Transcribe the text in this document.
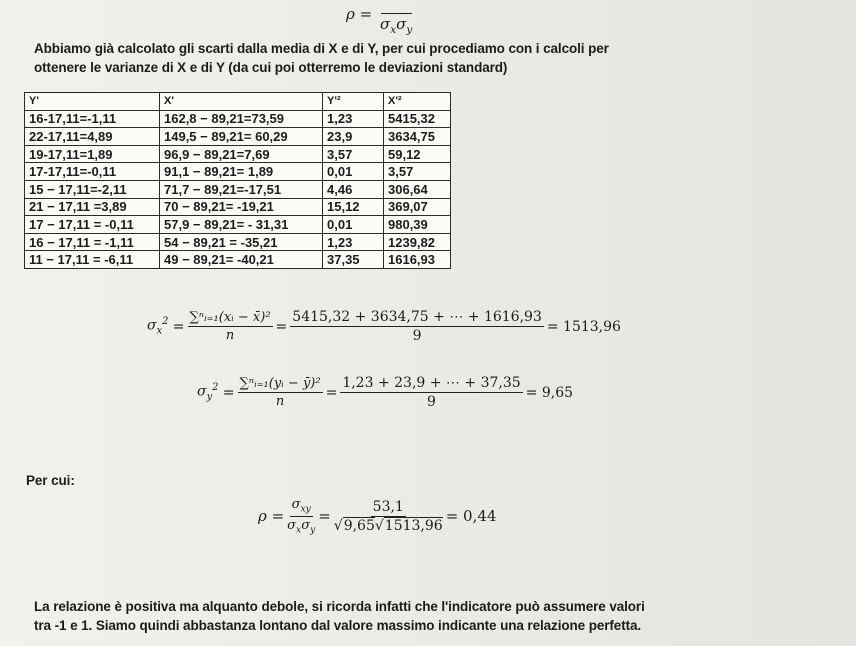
ρ =
$\sigma_x\sigma_y$
Abbiamo già calcolato gli scarti dalla media di X e di Y, per cui procediamo con i calcoli per
ottenere le varianze di X e di Y (da cui poi otterremo le deviazioni standard)
Y'	X'	Y'²	X'²
16-17,11=-1,11	162,8 − 89,21=73,59	1,23	5415,32
22-17,11=4,89	149,5 − 89,21= 60,29	23,9	3634,75
19-17,11=1,89	96,9 − 89,21=7,69	3,57	59,12
17-17,11=-0,11	91,1 − 89,21= 1,89	0,01	3,57
15 − 17,11=-2,11	71,7 − 89,21=-17,51	4,46	306,64
21 − 17,11 =3,89	70 − 89,21= -19,21	15,12	369,07
17 − 17,11 = -0,11	57,9 − 89,21= - 31,31	0,01	980,39
16 − 17,11 = -1,11	54 − 89,21 = -35,21	1,23	1239,82
11 − 17,11 = -6,11	49 − 89,21= -40,21	37,35	1616,93
$\sigma_x^2 = \frac{\text{∑ⁿᵢ₌₁(xᵢ − x̄)²}}{n} = \frac{5415,32 + 3634,75 + \cdots + 1616,93}{9} = 1513,96$
$\sigma_y^2 = \frac{\text{∑ⁿᵢ₌₁(yᵢ − ȳ)²}}{n} = \frac{1,23 + 23,9 + \cdots + 37,35}{9} = 9,65$
Per cui:
$\rho = \frac{\sigma_{xy}}{\sigma_x\sigma_y} = \frac{53,1}{√9,65√1513,96} = 0,44$
La relazione è positiva ma alquanto debole, si ricorda infatti che l'indicatore può assumere valori
tra -1 e 1. Siamo quindi abbastanza lontano dal valore massimo indicante una relazione perfetta.
